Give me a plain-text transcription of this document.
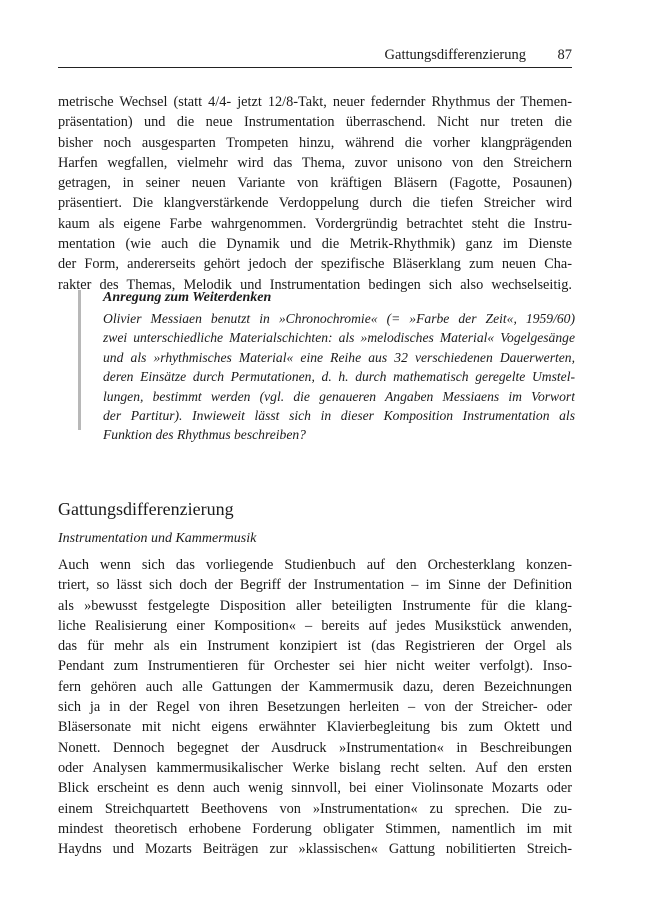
Gattungsdifferenzierung 87

metrische Wechsel (statt 4/4- jetzt 12/8-Takt, neuer federnder Rhythmus der Themen-
präsentation) und die neue Instrumentation überraschend. Nicht nur treten die
bisher noch ausgesparten Trompeten hinzu, während die vorher klangprägenden
Harfen wegfallen, vielmehr wird das Thema, zuvor unisono von den Streichern
getragen, in seiner neuen Variante von kräftigen Bläsern (Fagotte, Posaunen)
präsentiert. Die klangverstärkende Verdoppelung durch die tiefen Streicher wird
kaum als eigene Farbe wahrgenommen. Vordergründig betrachtet steht die Instru-
mentation (wie auch die Dynamik und die Metrik-Rhythmik) ganz im Dienste
der Form, andererseits gehört jedoch der spezifische Bläserklang zum neuen Cha-
rakter des Themas, Melodik und Instrumentation bedingen sich also wechselseitig.

Anregung zum Weiterdenken
Olivier Messiaen benutzt in »Chronochromie« (= »Farbe der Zeit«, 1959/60)
zwei unterschiedliche Materialschichten: als »melodisches Material« Vogelgesänge
und als »rhythmisches Material« eine Reihe aus 32 verschiedenen Dauerwerten,
deren Einsätze durch Permutationen, d. h. durch mathematisch geregelte Umstel-
lungen, bestimmt werden (vgl. die genaueren Angaben Messiaens im Vorwort
der Partitur). Inwieweit lässt sich in dieser Komposition Instrumentation als
Funktion des Rhythmus beschreiben?
Gattungsdifferenzierung
Instrumentation und Kammermusik

Auch wenn sich das vorliegende Studienbuch auf den Orchesterklang konzen-
triert, so lässt sich doch der Begriff der Instrumentation – im Sinne der Definition
als »bewusst festgelegte Disposition aller beteiligten Instrumente für die klang-
liche Realisierung einer Komposition« – bereits auf jedes Musikstück anwenden,
das für mehr als ein Instrument konzipiert ist (das Registrieren der Orgel als
Pendant zum Instrumentieren für Orchester sei hier nicht weiter verfolgt). Inso-
fern gehören auch alle Gattungen der Kammermusik dazu, deren Bezeichnungen
sich ja in der Regel von ihren Besetzungen herleiten – von der Streicher- oder
Bläsersonate mit nicht eigens erwähnter Klavierbegleitung bis zum Oktett und
Nonett. Dennoch begegnet der Ausdruck »Instrumentation« in Beschreibungen
oder Analysen kammermusikalischer Werke bislang recht selten. Auf den ersten
Blick erscheint es denn auch wenig sinnvoll, bei einer Violinsonate Mozarts oder
einem Streichquartett Beethovens von »Instrumentation« zu sprechen. Die zu-
mindest theoretisch erhobene Forderung obligater Stimmen, namentlich im mit
Haydns und Mozarts Beiträgen zur »klassischen« Gattung nobilitierten Streich-
